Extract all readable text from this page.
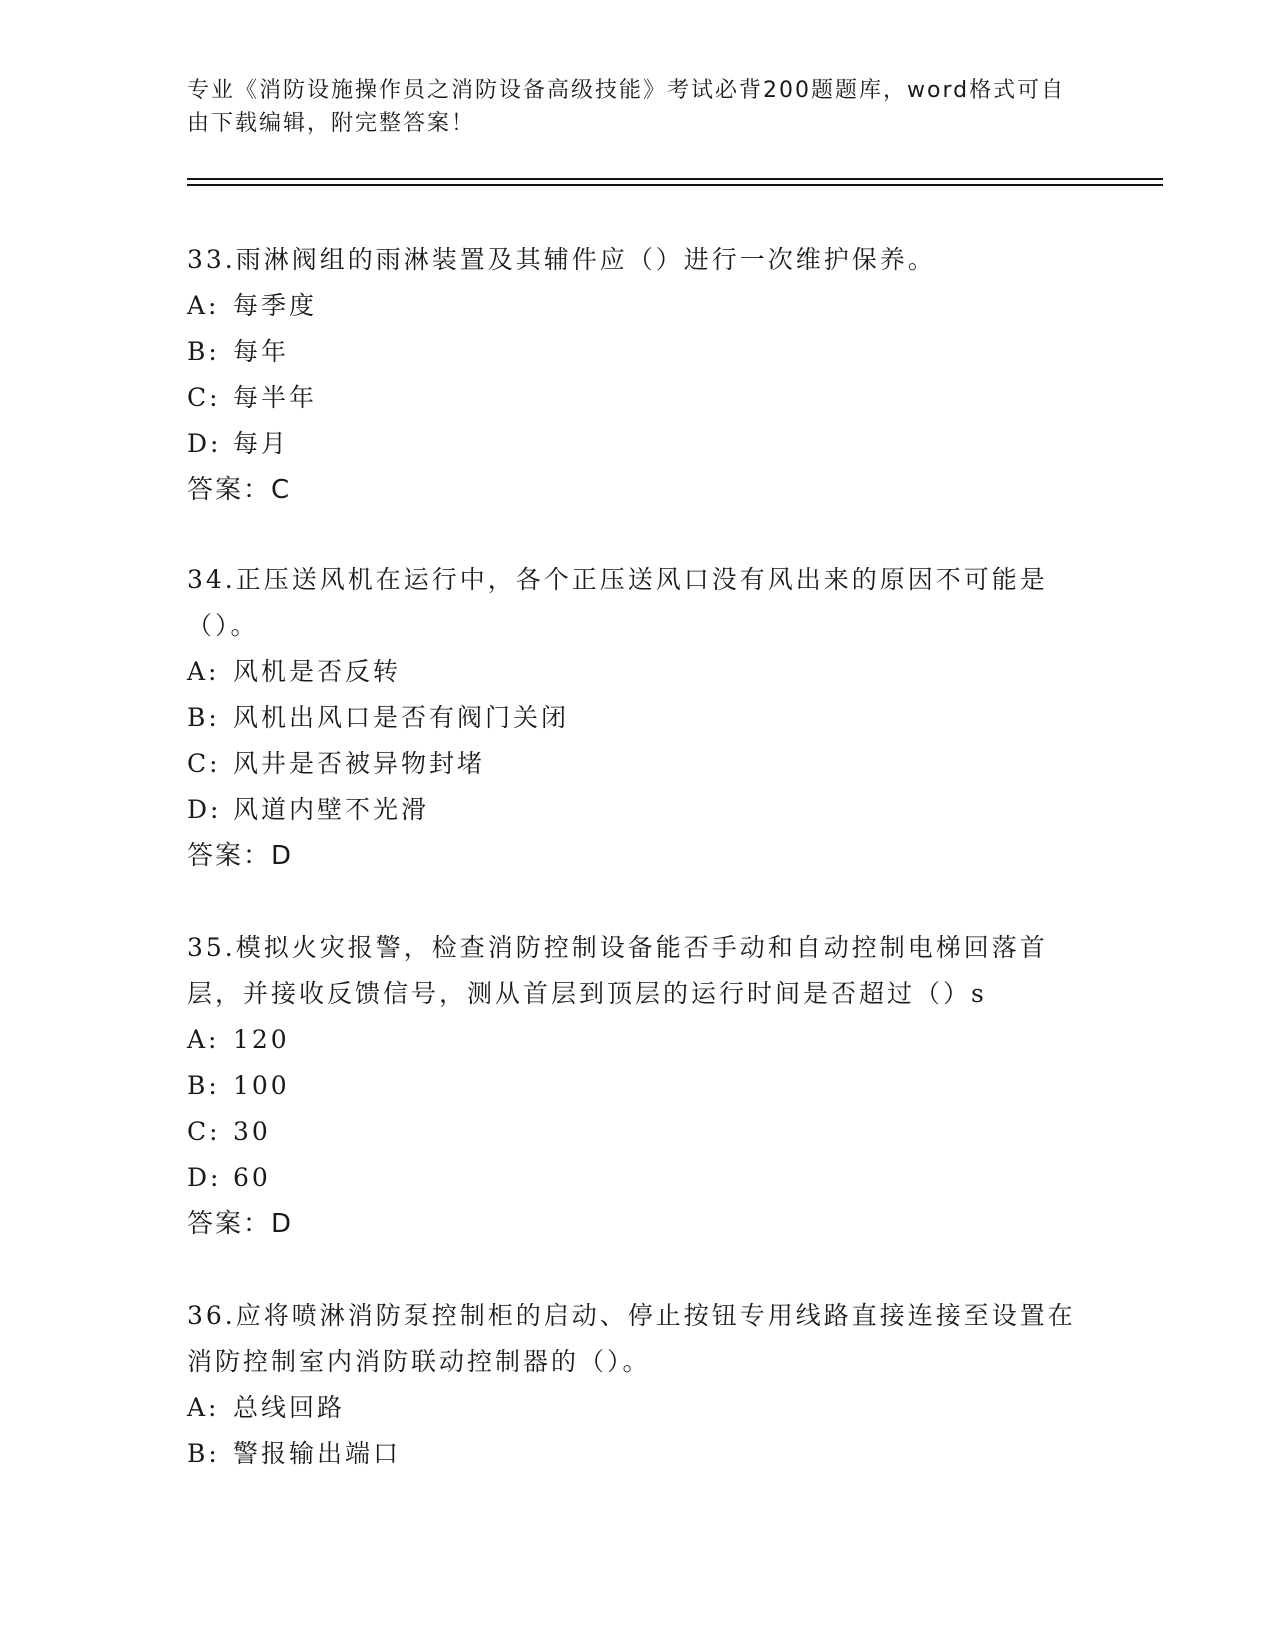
专业《消防设施操作员之消防设备高级技能》考试必背200题题库，word格式可自由下载编辑，附完整答案！

33.雨淋阀组的雨淋装置及其辅件应（）进行一次维护保养。

A: 每季度

B: 每年

C: 每半年

D: 每月

答案：C

34.正压送风机在运行中，各个正压送风口没有风出来的原因不可能是（）。

A: 风机是否反转

B: 风机出风口是否有阀门关闭

C: 风井是否被异物封堵

D: 风道内壁不光滑

答案：D

35.模拟火灾报警，检查消防控制设备能否手动和自动控制电梯回落首层，并接收反馈信号，测从首层到顶层的运行时间是否超过（）s

A: 120

B: 100

C: 30

D: 60

答案：D

36.应将喷淋消防泵控制柜的启动、停止按钮专用线路直接连接至设置在消防控制室内消防联动控制器的（）。

A: 总线回路

B: 警报输出端口
